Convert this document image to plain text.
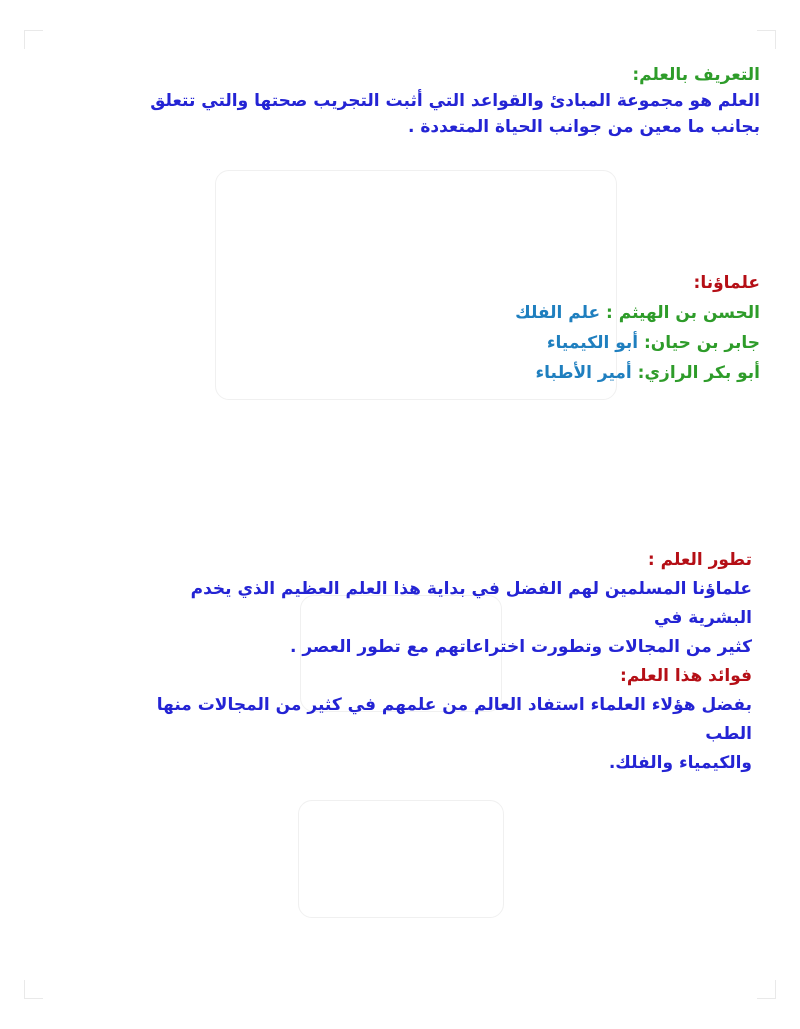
التعريف بالعلم:

العلم هو مجموعة المبادئ والقواعد التي أثبت التجريب صحتها والتي تتعلق

بجانب ما معين من جوانب الحياة المتعددة .

علماؤنا:

الحسن بن الهيثم : علم الفلك

جابر بن حيان: أبو الكيمياء

أبو بكر الرازي: أمير الأطباء

تطور العلم :

علماؤنا المسلمين لهم الفضل في بداية هذا العلم العظيم الذي يخدم البشرية في

كثير من المجالات وتطورت اختراعاتهم مع تطور العصر .

فوائد هذا العلم:

بفضل هؤلاء العلماء استفاد العالم من علمهم في كثير من المجالات منها الطب

والكيمياء والفلك.
